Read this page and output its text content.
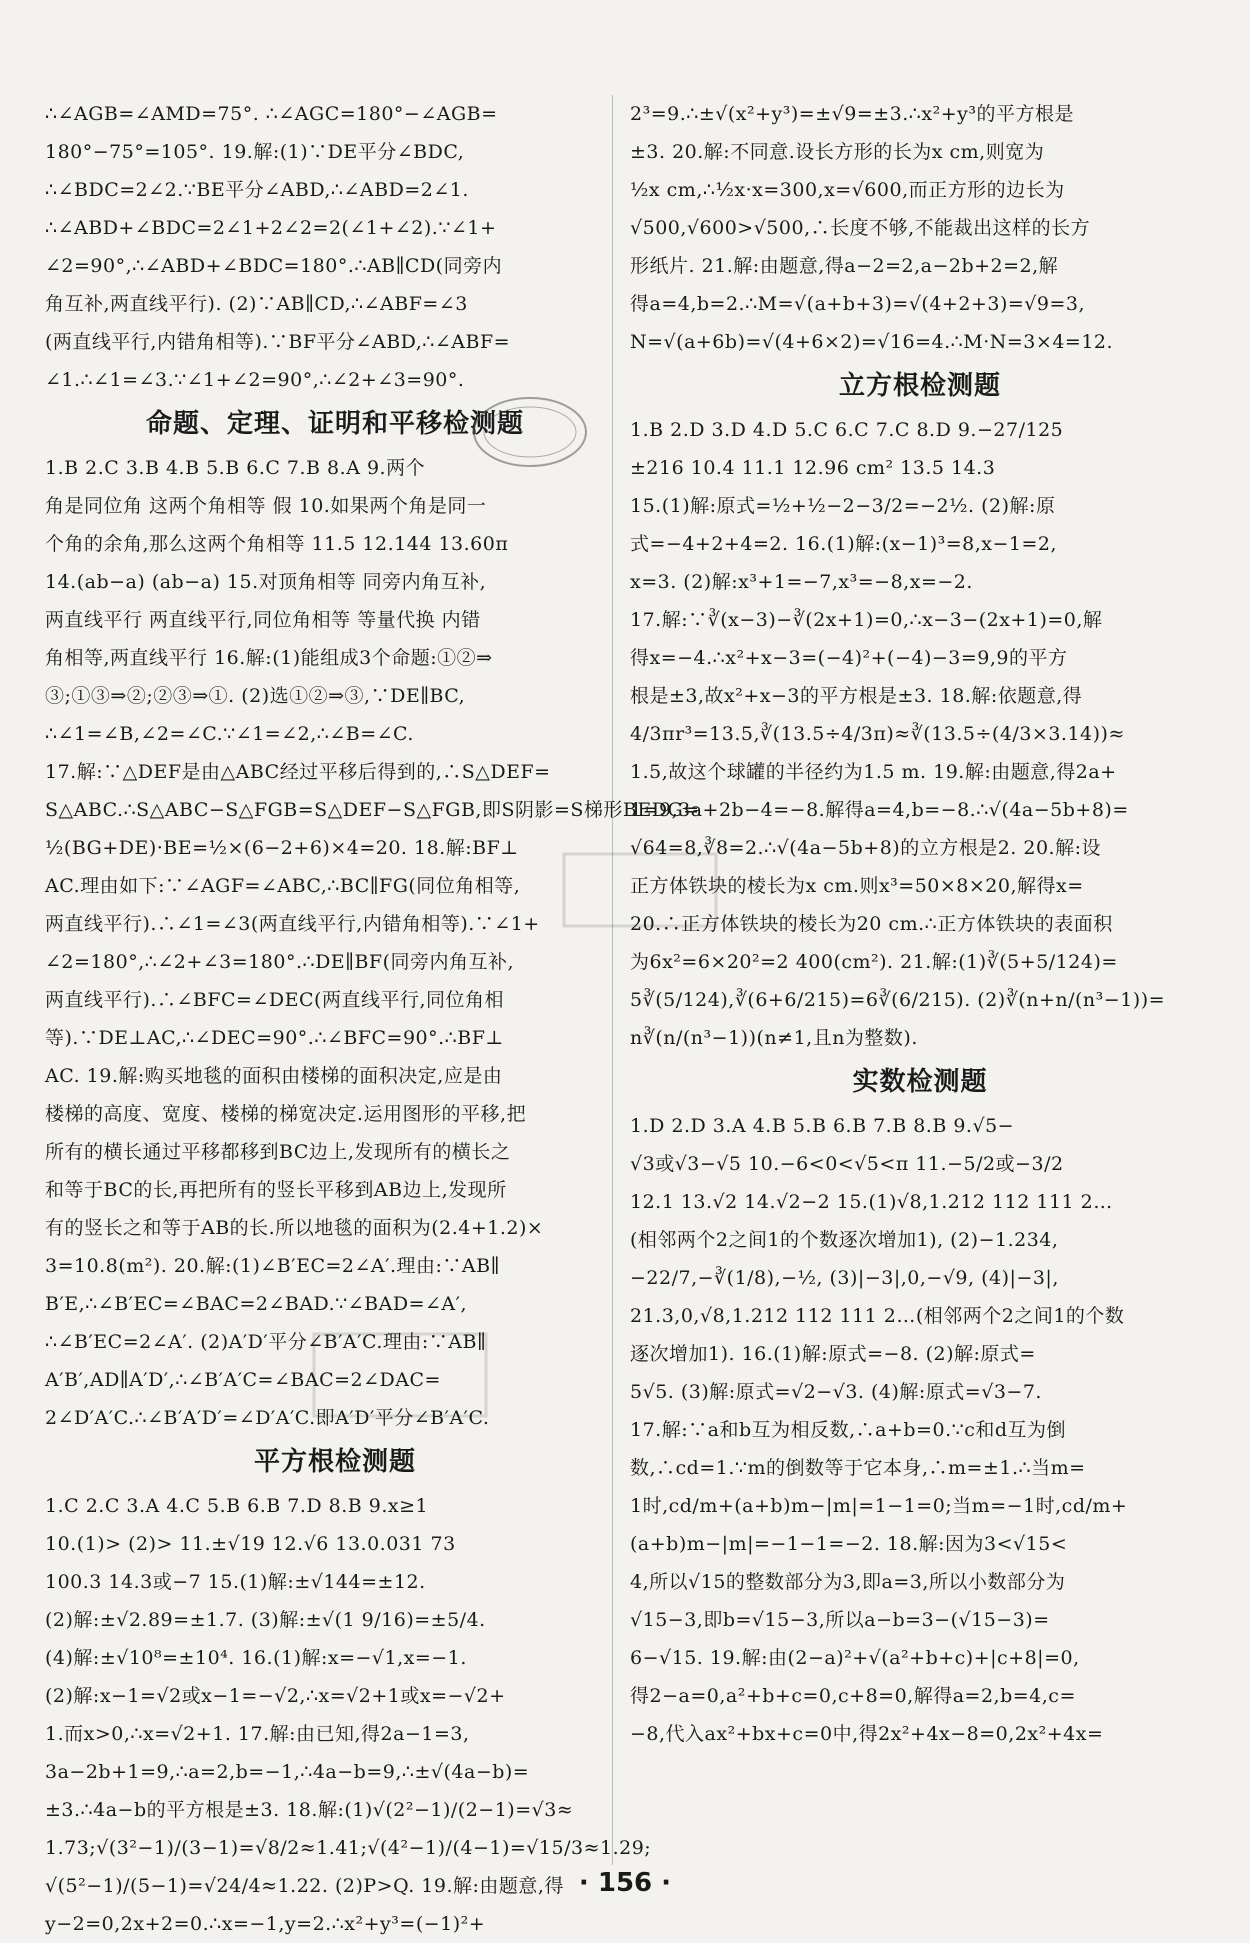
∴∠AGB=∠AMD=75°. ∴∠AGC=180°−∠AGB=
180°−75°=105°. 19.解:(1)∵DE平分∠BDC,
∴∠BDC=2∠2.∵BE平分∠ABD,∴∠ABD=2∠1.
∴∠ABD+∠BDC=2∠1+2∠2=2(∠1+∠2).∵∠1+
∠2=90°,∴∠ABD+∠BDC=180°.∴AB∥CD(同旁内
角互补,两直线平行). (2)∵AB∥CD,∴∠ABF=∠3
(两直线平行,内错角相等).∵BF平分∠ABD,∴∠ABF=
∠1.∴∠1=∠3.∵∠1+∠2=90°,∴∠2+∠3=90°.
命题、定理、证明和平移检测题
1.B 2.C 3.B 4.B 5.B 6.C 7.B 8.A 9.两个
角是同位角 这两个角相等 假 10.如果两个角是同一
个角的余角,那么这两个角相等 11.5 12.144 13.60π
14.(ab−a) (ab−a) 15.对顶角相等 同旁内角互补,
两直线平行 两直线平行,同位角相等 等量代换 内错
角相等,两直线平行 16.解:(1)能组成3个命题:①②⇒
③;①③⇒②;②③⇒①. (2)选①②⇒③,∵DE∥BC,
∴∠1=∠B,∠2=∠C.∵∠1=∠2,∴∠B=∠C.
17.解:∵△DEF是由△ABC经过平移后得到的,∴S△DEF=
S△ABC.∴S△ABC−S△FGB=S△DEF−S△FGB,即S阴影=S梯形BEDG=
½(BG+DE)·BE=½×(6−2+6)×4=20. 18.解:BF⊥
AC.理由如下:∵∠AGF=∠ABC,∴BC∥FG(同位角相等,
两直线平行).∴∠1=∠3(两直线平行,内错角相等).∵∠1+
∠2=180°,∴∠2+∠3=180°.∴DE∥BF(同旁内角互补,
两直线平行).∴∠BFC=∠DEC(两直线平行,同位角相
等).∵DE⊥AC,∴∠DEC=90°.∴∠BFC=90°.∴BF⊥
AC. 19.解:购买地毯的面积由楼梯的面积决定,应是由
楼梯的高度、宽度、楼梯的梯宽决定.运用图形的平移,把
所有的横长通过平移都移到BC边上,发现所有的横长之
和等于BC的长,再把所有的竖长平移到AB边上,发现所
有的竖长之和等于AB的长.所以地毯的面积为(2.4+1.2)×
3=10.8(m²). 20.解:(1)∠B′EC=2∠A′.理由:∵AB∥
B′E,∴∠B′EC=∠BAC=2∠BAD.∵∠BAD=∠A′,
∴∠B′EC=2∠A′. (2)A′D′平分∠B′A′C.理由:∵AB∥
A′B′,AD∥A′D′,∴∠B′A′C=∠BAC=2∠DAC=
2∠D′A′C.∴∠B′A′D′=∠D′A′C.即A′D′平分∠B′A′C.
平方根检测题
1.C 2.C 3.A 4.C 5.B 6.B 7.D 8.B 9.x≥1
10.(1)> (2)> 11.±√19 12.√6 13.0.031 73
100.3 14.3或−7 15.(1)解:±√144=±12.
(2)解:±√2.89=±1.7. (3)解:±√(1 9/16)=±5/4.
(4)解:±√10⁸=±10⁴. 16.(1)解:x=−√1,x=−1.
(2)解:x−1=√2或x−1=−√2,∴x=√2+1或x=−√2+
1.而x>0,∴x=√2+1. 17.解:由已知,得2a−1=3,
3a−2b+1=9,∴a=2,b=−1,∴4a−b=9,∴±√(4a−b)=
±3.∴4a−b的平方根是±3. 18.解:(1)√(2²−1)/(2−1)=√3≈
1.73;√(3²−1)/(3−1)=√8/2≈1.41;√(4²−1)/(4−1)=√15/3≈1.29;
√(5²−1)/(5−1)=√24/4≈1.22. (2)P>Q. 19.解:由题意,得
y−2=0,2x+2=0.∴x=−1,y=2.∴x²+y³=(−1)²+
2³=9.∴±√(x²+y³)=±√9=±3.∴x²+y³的平方根是
±3. 20.解:不同意.设长方形的长为x cm,则宽为
½x cm,∴½x·x=300,x=√600,而正方形的边长为
√500,√600>√500,∴长度不够,不能裁出这样的长方
形纸片. 21.解:由题意,得a−2=2,a−2b+2=2,解
得a=4,b=2.∴M=√(a+b+3)=√(4+2+3)=√9=3,
N=√(a+6b)=√(4+6×2)=√16=4.∴M·N=3×4=12.
立方根检测题
1.B 2.D 3.D 4.D 5.C 6.C 7.C 8.D 9.−27/125
±216 10.4 11.1 12.96 cm² 13.5 14.3
15.(1)解:原式=½+½−2−3/2=−2½. (2)解:原
式=−4+2+4=2. 16.(1)解:(x−1)³=8,x−1=2,
x=3. (2)解:x³+1=−7,x³=−8,x=−2.
17.解:∵∛(x−3)−∛(2x+1)=0,∴x−3−(2x+1)=0,解
得x=−4.∴x²+x−3=(−4)²+(−4)−3=9,9的平方
根是±3,故x²+x−3的平方根是±3. 18.解:依题意,得
4/3πr³=13.5,∛(13.5÷4/3π)≈∛(13.5÷(4/3×3.14))≈
1.5,故这个球罐的半径约为1.5 m. 19.解:由题意,得2a+
1=9,3a+2b−4=−8.解得a=4,b=−8.∴√(4a−5b+8)=
√64=8,∛8=2.∴√(4a−5b+8)的立方根是2. 20.解:设
正方体铁块的棱长为x cm.则x³=50×8×20,解得x=
20.∴正方体铁块的棱长为20 cm.∴正方体铁块的表面积
为6x²=6×20²=2 400(cm²). 21.解:(1)∛(5+5/124)=
5∛(5/124),∛(6+6/215)=6∛(6/215). (2)∛(n+n/(n³−1))=
n∛(n/(n³−1))(n≠1,且n为整数).
实数检测题
1.D 2.D 3.A 4.B 5.B 6.B 7.B 8.B 9.√5−
√3或√3−√5 10.−6<0<√5<π 11.−5/2或−3/2
12.1 13.√2 14.√2−2 15.(1)√8,1.212 112 111 2…
(相邻两个2之间1的个数逐次增加1), (2)−1.234,
−22/7,−∛(1/8),−½, (3)|−3|,0,−√9, (4)|−3|,
21.3,0,√8,1.212 112 111 2…(相邻两个2之间1的个数
逐次增加1). 16.(1)解:原式=−8. (2)解:原式=
5√5. (3)解:原式=√2−√3. (4)解:原式=√3−7.
17.解:∵a和b互为相反数,∴a+b=0.∵c和d互为倒
数,∴cd=1.∵m的倒数等于它本身,∴m=±1.∴当m=
1时,cd/m+(a+b)m−|m|=1−1=0;当m=−1时,cd/m+
(a+b)m−|m|=−1−1=−2. 18.解:因为3<√15<
4,所以√15的整数部分为3,即a=3,所以小数部分为
√15−3,即b=√15−3,所以a−b=3−(√15−3)=
6−√15. 19.解:由(2−a)²+√(a²+b+c)+|c+8|=0,
得2−a=0,a²+b+c=0,c+8=0,解得a=2,b=4,c=
−8,代入ax²+bx+c=0中,得2x²+4x−8=0,2x²+4x=
· 156 ·
